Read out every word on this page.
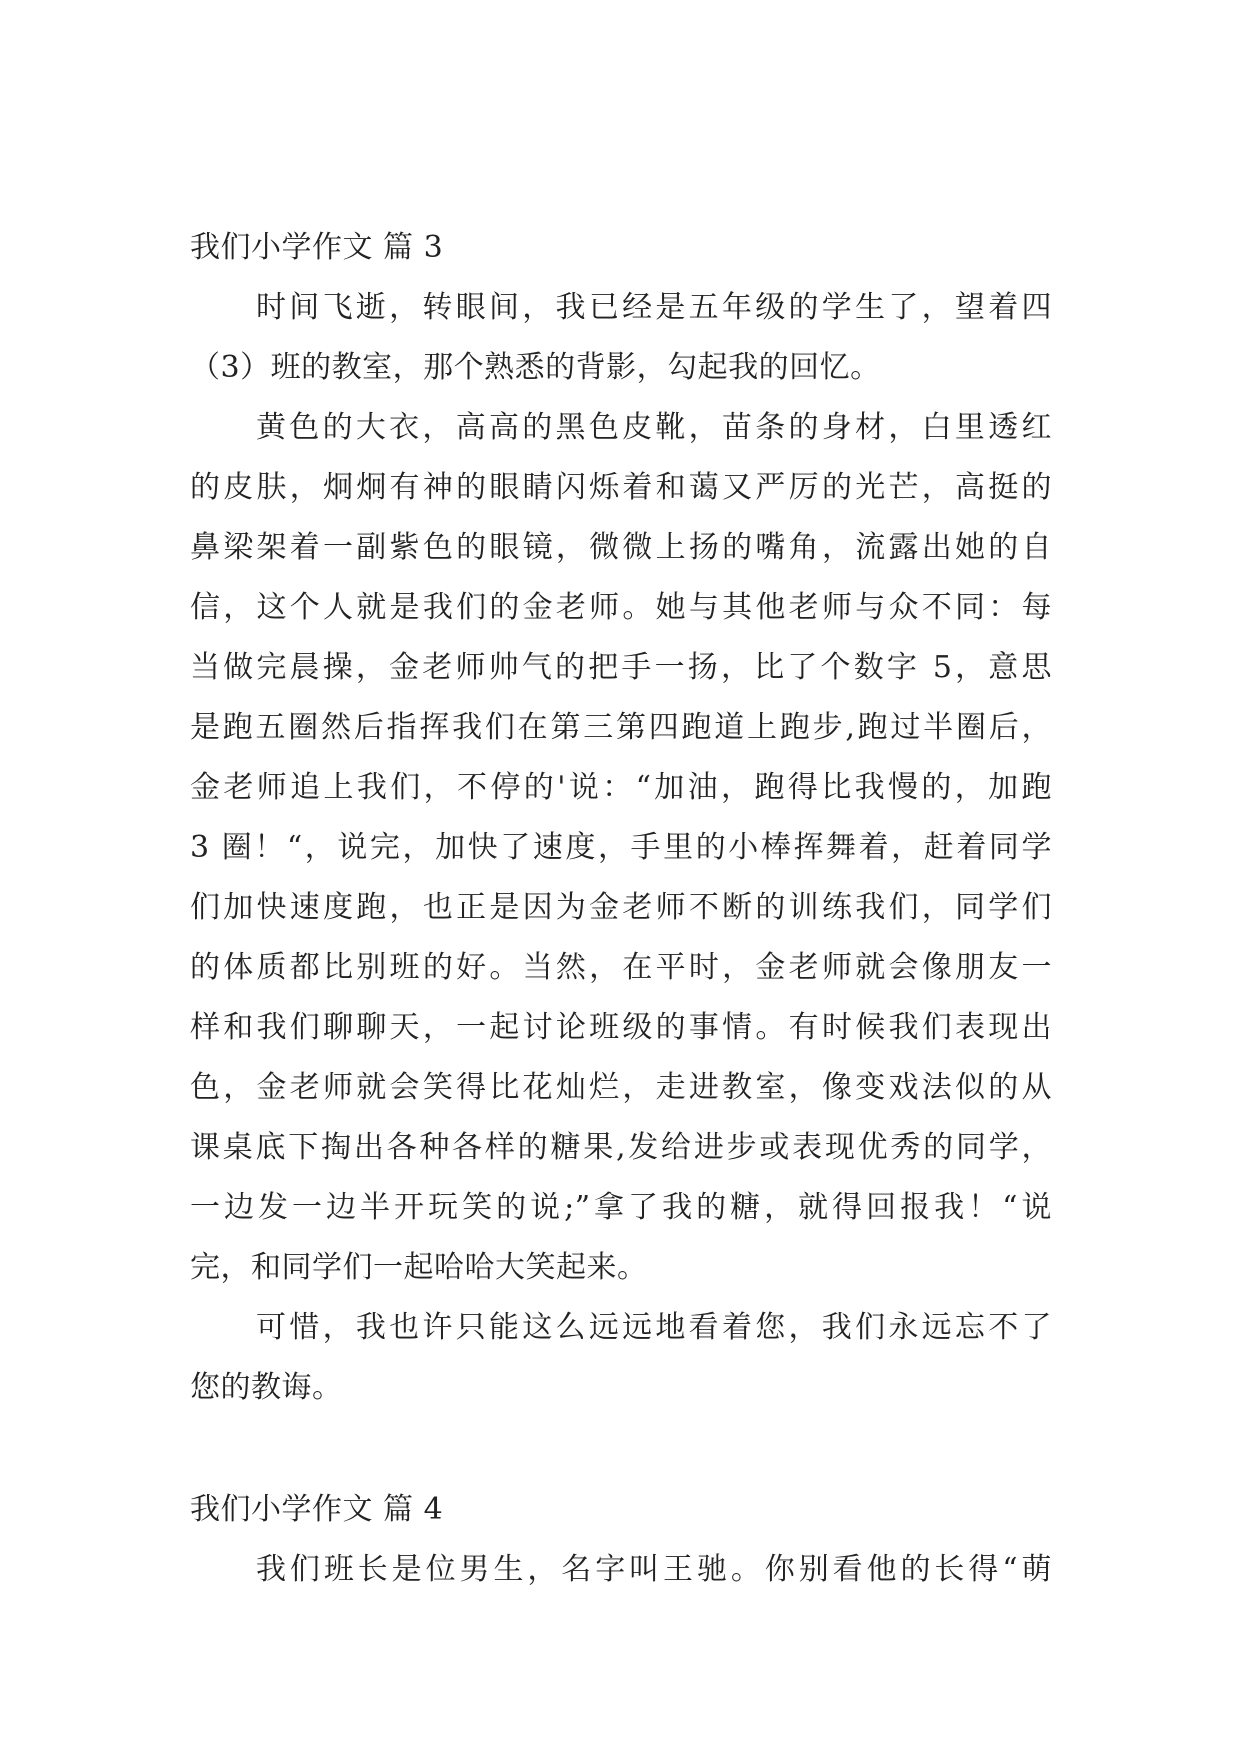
我们小学作文 篇 3
时间飞逝，转眼间，我已经是五年级的学生了，望着四
（3）班的教室，那个熟悉的背影，勾起我的回忆。
黄色的大衣，高高的黑色皮靴，苗条的身材，白里透红
的皮肤，炯炯有神的眼睛闪烁着和蔼又严厉的光芒，高挺的
鼻梁架着一副紫色的眼镜，微微上扬的嘴角，流露出她的自
信，这个人就是我们的金老师。她与其他老师与众不同：每
当做完晨操，金老师帅气的把手一扬，比了个数字 5，意思
是跑五圈然后指挥我们在第三第四跑道上跑步,跑过半圈后，
金老师追上我们，不停的'说：“加油，跑得比我慢的，加跑
3 圈！“，说完，加快了速度，手里的小棒挥舞着，赶着同学
们加快速度跑，也正是因为金老师不断的训练我们，同学们
的体质都比别班的好。当然，在平时，金老师就会像朋友一
样和我们聊聊天，一起讨论班级的事情。有时候我们表现出
色，金老师就会笑得比花灿烂，走进教室，像变戏法似的从
课桌底下掏出各种各样的糖果,发给进步或表现优秀的同学，
一边发一边半开玩笑的说;”拿了我的糖，就得回报我！“说
完，和同学们一起哈哈大笑起来。
可惜，我也许只能这么远远地看着您，我们永远忘不了
您的教诲。
我们小学作文 篇 4
我们班长是位男生，名字叫王驰。你别看他的长得“萌
